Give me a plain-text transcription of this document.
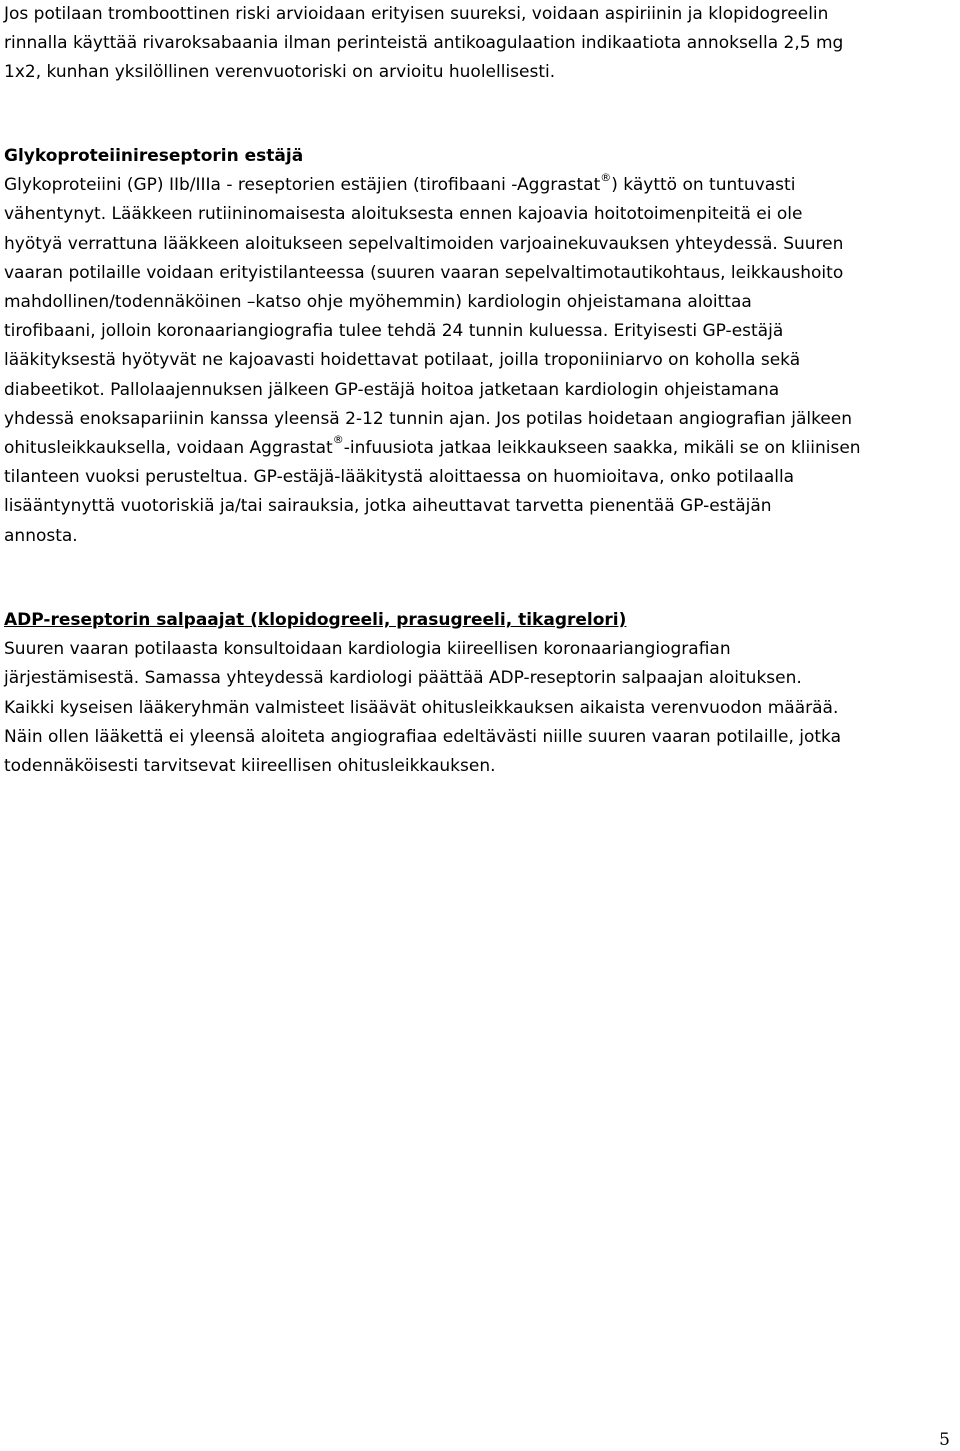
Jos potilaan tromboottinen riski arvioidaan erityisen suureksi, voidaan aspiriinin ja klopidogreelin

rinnalla käyttää rivaroksabaania ilman perinteistä antikoagulaation indikaatiota annoksella 2,5 mg

1x2, kunhan yksilöllinen verenvuotoriski on arvioitu huolellisesti.

Glykoproteiinireseptorin estäjä

Glykoproteiini (GP) IIb/IIIa - reseptorien estäjien (tirofibaani -Aggrastat®) käyttö on tuntuvasti

vähentynyt. Lääkkeen rutiininomaisesta aloituksesta ennen kajoavia hoitotoimenpiteitä ei ole

hyötyä verrattuna lääkkeen aloitukseen sepelvaltimoiden varjoainekuvauksen yhteydessä. Suuren

vaaran potilaille voidaan erityistilanteessa (suuren vaaran sepelvaltimotautikohtaus, leikkaushoito

mahdollinen/todennäköinen –katso ohje myöhemmin) kardiologin ohjeistamana aloittaa

tirofibaani, jolloin koronaariangiografia tulee tehdä 24 tunnin kuluessa. Erityisesti GP-estäjä

lääkityksestä hyötyvät ne kajoavasti hoidettavat potilaat, joilla troponiiniarvo on koholla sekä

diabeetikot. Pallolaajennuksen jälkeen GP-estäjä hoitoa jatketaan kardiologin ohjeistamana

yhdessä enoksapariinin kanssa yleensä 2-12 tunnin ajan. Jos potilas hoidetaan angiografian jälkeen

ohitusleikkauksella, voidaan Aggrastat®-infuusiota jatkaa leikkaukseen saakka, mikäli se on kliinisen

tilanteen vuoksi perusteltua. GP-estäjä-lääkitystä aloittaessa on huomioitava, onko potilaalla

lisääntynyttä vuotoriskiä ja/tai sairauksia, jotka aiheuttavat tarvetta pienentää GP-estäjän

annosta.

ADP-reseptorin salpaajat (klopidogreeli, prasugreeli, tikagrelori)

Suuren vaaran potilaasta konsultoidaan kardiologia kiireellisen koronaariangiografian

järjestämisestä. Samassa yhteydessä kardiologi päättää ADP-reseptorin salpaajan aloituksen.

Kaikki kyseisen lääkeryhmän valmisteet lisäävät ohitusleikkauksen aikaista verenvuodon määrää.

Näin ollen lääkettä ei yleensä aloiteta angiografiaa edeltävästi niille suuren vaaran potilaille, jotka

todennäköisesti tarvitsevat kiireellisen ohitusleikkauksen.

5
